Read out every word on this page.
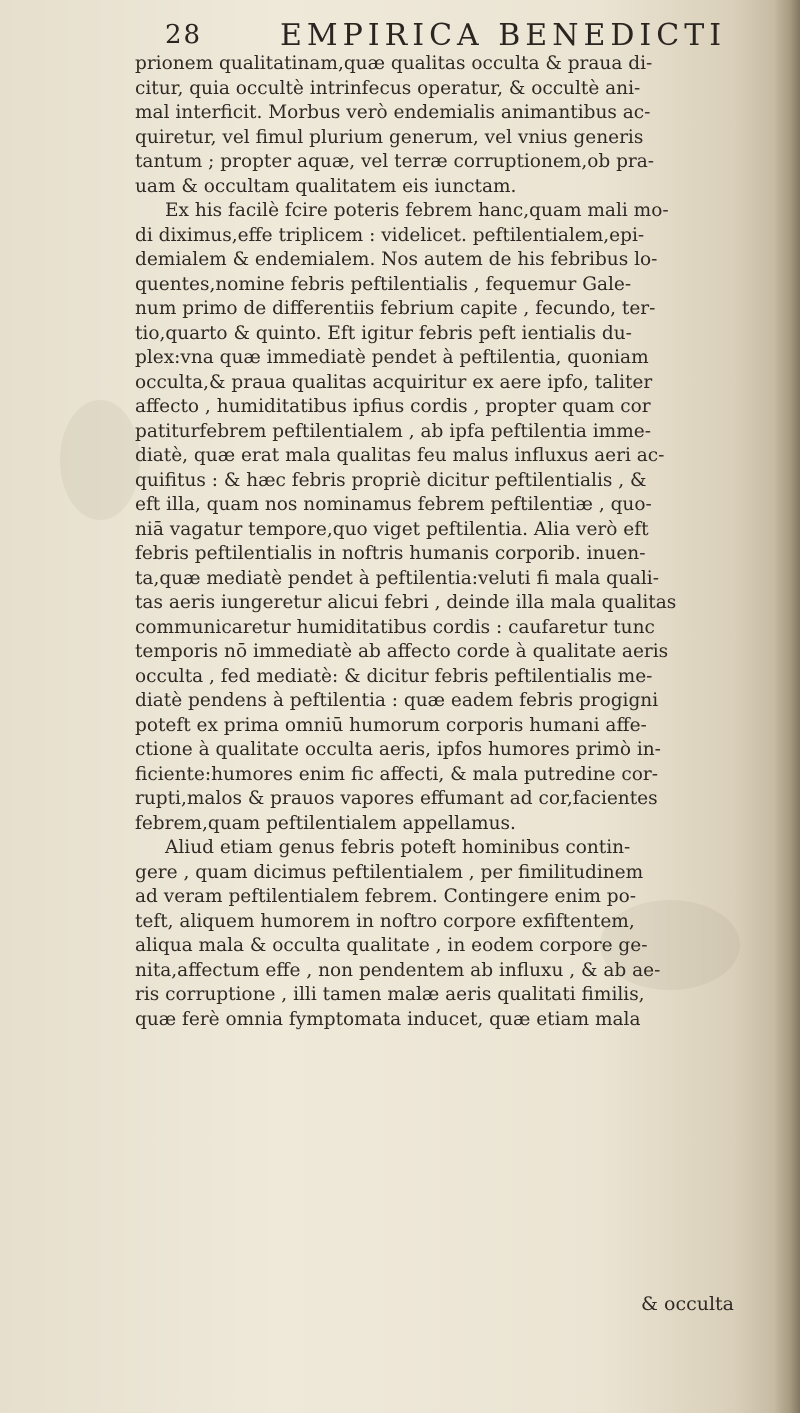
28	EMPIRICA BENEDICTI
prionem qualitatinam,quæ qualitas occulta & praua di-
citur, quia occultè intrinfecus operatur, & occultè ani-
mal interficit. Morbus verò endemialis animantibus ac-
quiretur, vel fimul plurium generum, vel vnius generis
tantum ; propter aquæ, vel terræ corruptionem,ob pra-
uam & occultam qualitatem eis iunctam.
Ex his facilè fcire poteris febrem hanc,quam mali mo-
di diximus,effe triplicem : videlicet. peftilentialem,epi-
demialem & endemialem. Nos autem de his febribus lo-
quentes,nomine febris peftilentialis , fequemur Gale-
num primo de differentiis febrium capite , fecundo, ter-
tio,quarto & quinto. Eft igitur febris peft ientialis du-
plex:vna quæ immediatè pendet à peftilentia, quoniam
occulta,& praua qualitas acquiritur ex aere ipfo, taliter
affecto , humiditatibus ipfius cordis , propter quam cor
patiturfebrem peftilentialem , ab ipfa peftilentia imme-
diatè, quæ erat mala qualitas feu malus influxus aeri ac-
quifitus : & hæc febris propriè dicitur peftilentialis , &
eft illa, quam nos nominamus febrem peftilentiæ , quo-
niā vagatur tempore,quo viget peftilentia. Alia verò eft
febris peftilentialis in noftris humanis corporib. inuen-
ta,quæ mediatè pendet à peftilentia:veluti fi mala quali-
tas aeris iungeretur alicui febri , deinde illa mala qualitas
communicaretur humiditatibus cordis : caufaretur tunc
temporis nō immediatè ab affecto corde à qualitate aeris
occulta , fed mediatè: & dicitur febris peftilentialis me-
diatè pendens à peftilentia : quæ eadem febris progigni
poteft ex prima omniū humorum corporis humani affe-
ctione à qualitate occulta aeris, ipfos humores primò in-
ficiente:humores enim fic affecti, & mala putredine cor-
rupti,malos & prauos vapores effumant ad cor,facientes
febrem,quam peftilentialem appellamus.
Aliud etiam genus febris poteft hominibus contin-
gere , quam dicimus peftilentialem , per fimilitudinem
ad veram peftilentialem febrem. Contingere enim po-
teft, aliquem humorem in noftro corpore exfiftentem,
aliqua mala & occulta qualitate , in eodem corpore ge-
nita,affectum effe , non pendentem ab influxu , & ab ae-
ris corruptione , illi tamen malæ aeris qualitati fimilis,
quæ ferè omnia fymptomata inducet, quæ etiam mala
& occulta
